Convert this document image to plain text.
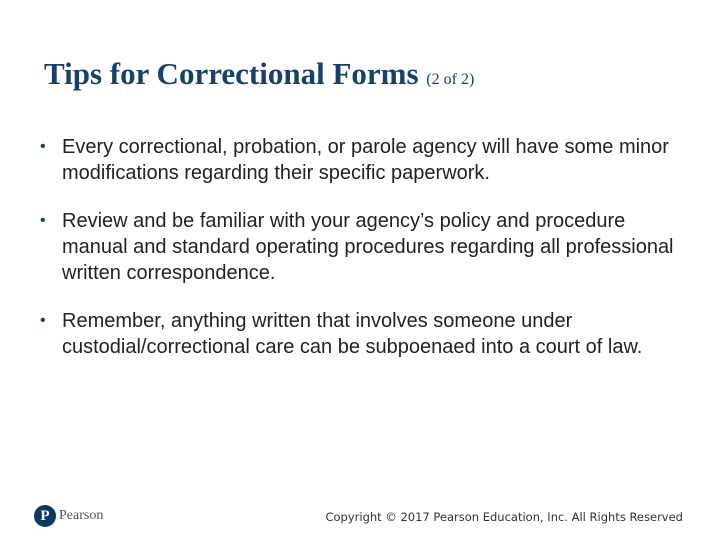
Tips for Correctional Forms (2 of 2)
• Every correctional, probation, or parole agency will have some minor modifications regarding their specific paperwork.
• Review and be familiar with your agency’s policy and procedure manual and standard operating procedures regarding all professional written correspondence.
• Remember, anything written that involves someone under custodial/correctional care can be subpoenaed into a court of law.
P Pearson	Copyright © 2017 Pearson Education, Inc. All Rights Reserved
